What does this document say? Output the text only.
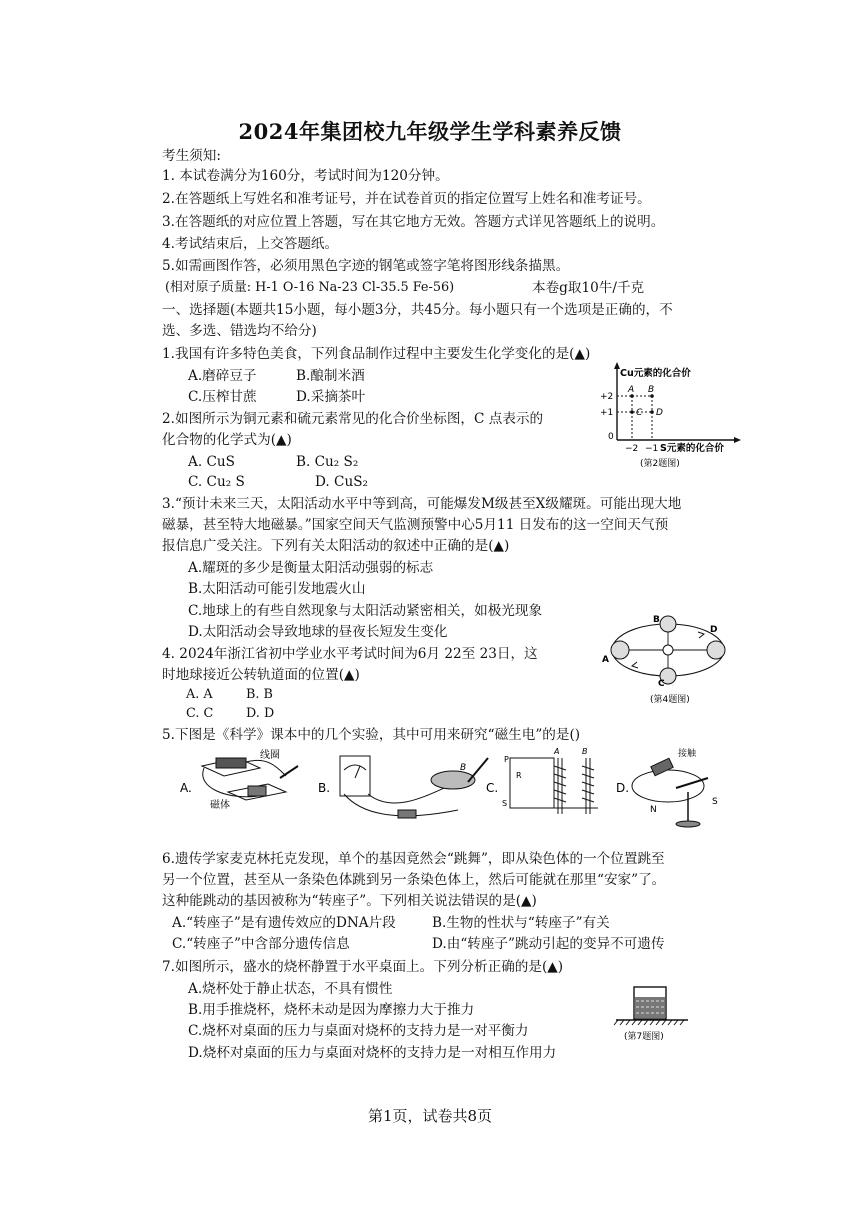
2024年集团校九年级学生学科素养反馈
考生须知:
1. 本试卷满分为160分，考试时间为120分钟。
2.在答题纸上写姓名和准考证号，并在试卷首页的指定位置写上姓名和准考证号。
3.在答题纸的对应位置上答题，写在其它地方无效。答题方式详见答题纸上的说明。
4.考试结束后，上交答题纸。
5.如需画图作答，必须用黑色字迹的钢笔或签字笔将图形线条描黑。
(相对原子质量: H-1 O-16 Na-23 Cl-35.5 Fe-56)	本卷g取10牛/千克
一、选择题(本题共15小题，每小题3分，共45分。每小题只有一个选项是正确的，不
选、多选、错选均不给分)
1.我国有许多特色美食，下列食品制作过程中主要发生化学变化的是(▲)
A.磨碎豆子	B.酿制米酒
C.压榨甘蔗	D.采摘茶叶
2.如图所示为铜元素和硫元素常见的化合价坐标图，C 点表示的
化合物的化学式为(▲)
A. CuS	B. Cu₂ S₂
C. Cu₂ S	D. CuS₂
Cu元素的化合价
A B
C D
+2
+1
0
−2 −1 S元素的化合价
(第2题图)
3.“预计未来三天，太阳活动水平中等到高，可能爆发M级甚至X级耀斑。可能出现大地
磁暴，甚至特大地磁暴。”国家空间天气监测预警中心5月11 日发布的这一空间天气预
报信息广受关注。下列有关太阳活动的叙述中正确的是(▲)
A.耀斑的多少是衡量太阳活动强弱的标志
B.太阳活动可能引发地震火山
C.地球上的有些自然现象与太阳活动紧密相关，如极光现象
D.太阳活动会导致地球的昼夜长短发生变化
4. 2024年浙江省初中学业水平考试时间为6月 22至 23日，这
时地球接近公转轨道面的位置(▲)
A. A	B. B
C. C	D. D
A
B
C
D
(第4题图)
5.下图是《科学》课本中的几个实验，其中可用来研究“磁生电”的是()
A.
线圈
磁体
B.
B
C.
P
R
S
A	B
D.
接触
N
S
6.遗传学家麦克林托克发现，单个的基因竟然会“跳舞”，即从染色体的一个位置跳至
另一个位置，甚至从一条染色体跳到另一条染色体上，然后可能就在那里“安家”了。
这种能跳动的基因被称为“转座子”。下列相关说法错误的是(▲)
A.“转座子”是有遗传效应的DNA片段	B.生物的性状与“转座子”有关
C.“转座子”中含部分遗传信息	D.由“转座子”跳动引起的变异不可遗传
7.如图所示，盛水的烧杯静置于水平桌面上。下列分析正确的是(▲)
A.烧杯处于静止状态，不具有惯性
B.用手推烧杯，烧杯未动是因为摩擦力大于推力
C.烧杯对桌面的压力与桌面对烧杯的支持力是一对平衡力
D.烧杯对桌面的压力与桌面对烧杯的支持力是一对相互作用力
(第7题图)
第1页，试卷共8页
